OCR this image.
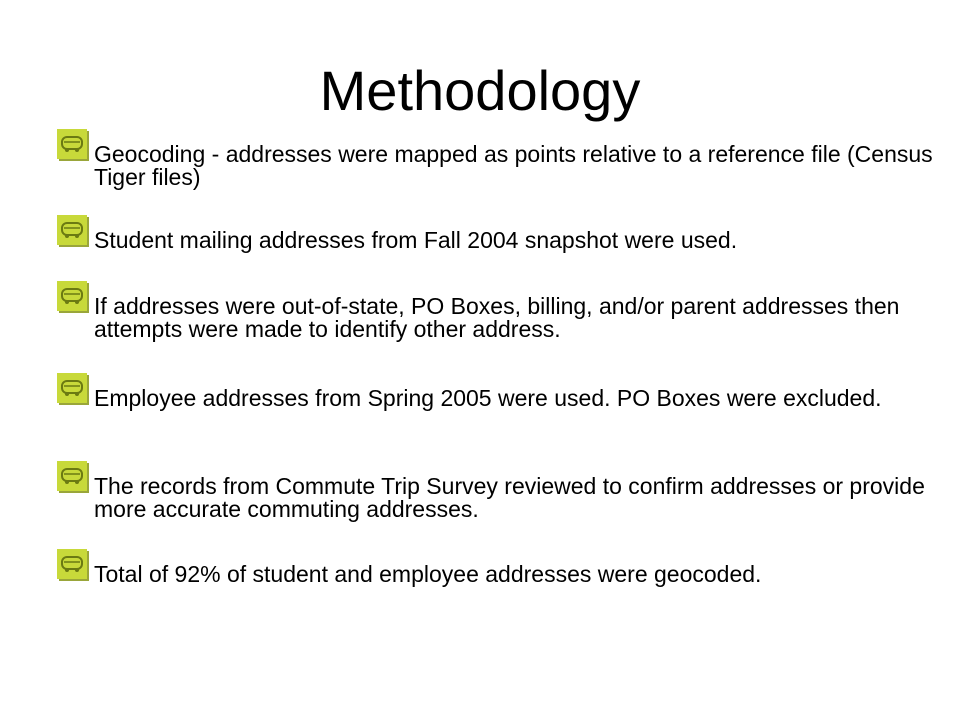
Methodology
Geocoding - addresses were mapped as points relative to a reference file (Census Tiger files)
Student mailing addresses from Fall 2004 snapshot were used.
If addresses were out-of-state, PO Boxes, billing, and/or parent addresses then attempts were made to identify other address.
Employee addresses from Spring 2005 were used. PO Boxes were excluded.
The records from Commute Trip Survey reviewed to confirm addresses or provide more accurate commuting addresses.
Total of 92% of student and employee addresses were geocoded.
